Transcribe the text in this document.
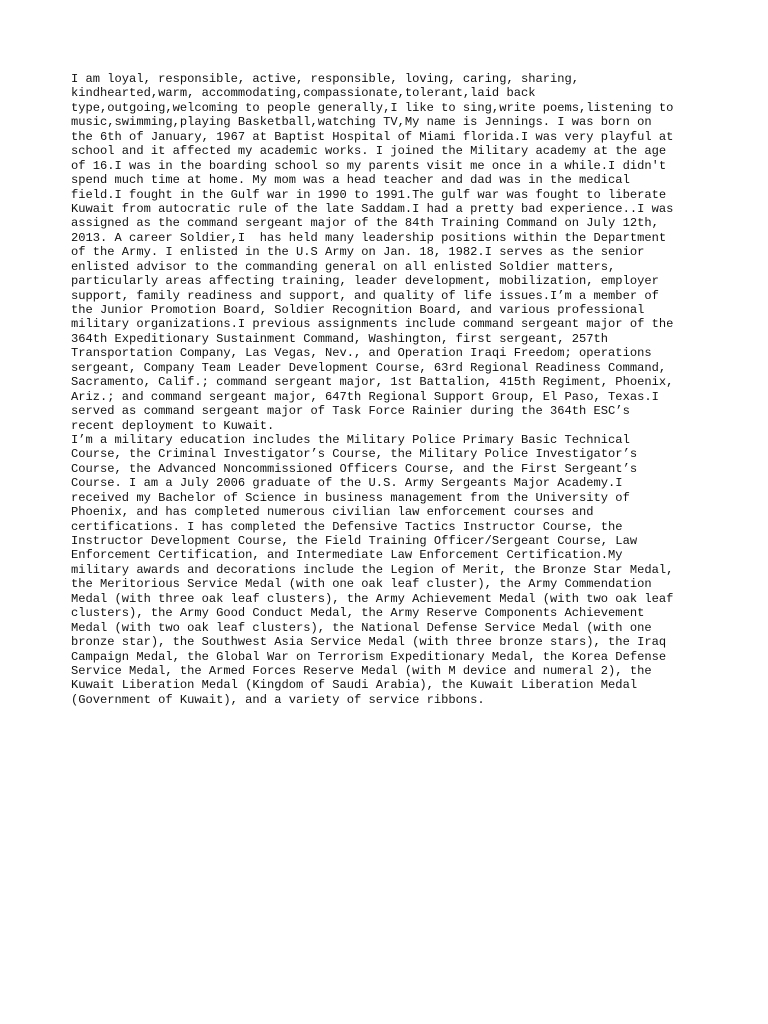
I am loyal, responsible, active, responsible, loving, caring, sharing,
kindhearted,warm, accommodating,compassionate,tolerant,laid back
type,outgoing,welcoming to people generally,I like to sing,write poems,listening to
music,swimming,playing Basketball,watching TV,My name is Jennings. I was born on
the 6th of January, 1967 at Baptist Hospital of Miami florida.I was very playful at
school and it affected my academic works. I joined the Military academy at the age
of 16.I was in the boarding school so my parents visit me once in a while.I didn't
spend much time at home. My mom was a head teacher and dad was in the medical
field.I fought in the Gulf war in 1990 to 1991.The gulf war was fought to liberate
Kuwait from autocratic rule of the late Saddam.I had a pretty bad experience..I was
assigned as the command sergeant major of the 84th Training Command on July 12th,
2013. A career Soldier,I  has held many leadership positions within the Department
of the Army. I enlisted in the U.S Army on Jan. 18, 1982.I serves as the senior
enlisted advisor to the commanding general on all enlisted Soldier matters,
particularly areas affecting training, leader development, mobilization, employer
support, family readiness and support, and quality of life issues.I’m a member of
the Junior Promotion Board, Soldier Recognition Board, and various professional
military organizations.I previous assignments include command sergeant major of the
364th Expeditionary Sustainment Command, Washington, first sergeant, 257th
Transportation Company, Las Vegas, Nev., and Operation Iraqi Freedom; operations
sergeant, Company Team Leader Development Course, 63rd Regional Readiness Command,
Sacramento, Calif.; command sergeant major, 1st Battalion, 415th Regiment, Phoenix,
Ariz.; and command sergeant major, 647th Regional Support Group, El Paso, Texas.I
served as command sergeant major of Task Force Rainier during the 364th ESC’s
recent deployment to Kuwait.
I’m a military education includes the Military Police Primary Basic Technical
Course, the Criminal Investigator’s Course, the Military Police Investigator’s
Course, the Advanced Noncommissioned Officers Course, and the First Sergeant’s
Course. I am a July 2006 graduate of the U.S. Army Sergeants Major Academy.I
received my Bachelor of Science in business management from the University of
Phoenix, and has completed numerous civilian law enforcement courses and
certifications. I has completed the Defensive Tactics Instructor Course, the
Instructor Development Course, the Field Training Officer/Sergeant Course, Law
Enforcement Certification, and Intermediate Law Enforcement Certification.My
military awards and decorations include the Legion of Merit, the Bronze Star Medal,
the Meritorious Service Medal (with one oak leaf cluster), the Army Commendation
Medal (with three oak leaf clusters), the Army Achievement Medal (with two oak leaf
clusters), the Army Good Conduct Medal, the Army Reserve Components Achievement
Medal (with two oak leaf clusters), the National Defense Service Medal (with one
bronze star), the Southwest Asia Service Medal (with three bronze stars), the Iraq
Campaign Medal, the Global War on Terrorism Expeditionary Medal, the Korea Defense
Service Medal, the Armed Forces Reserve Medal (with M device and numeral 2), the
Kuwait Liberation Medal (Kingdom of Saudi Arabia), the Kuwait Liberation Medal
(Government of Kuwait), and a variety of service ribbons.
